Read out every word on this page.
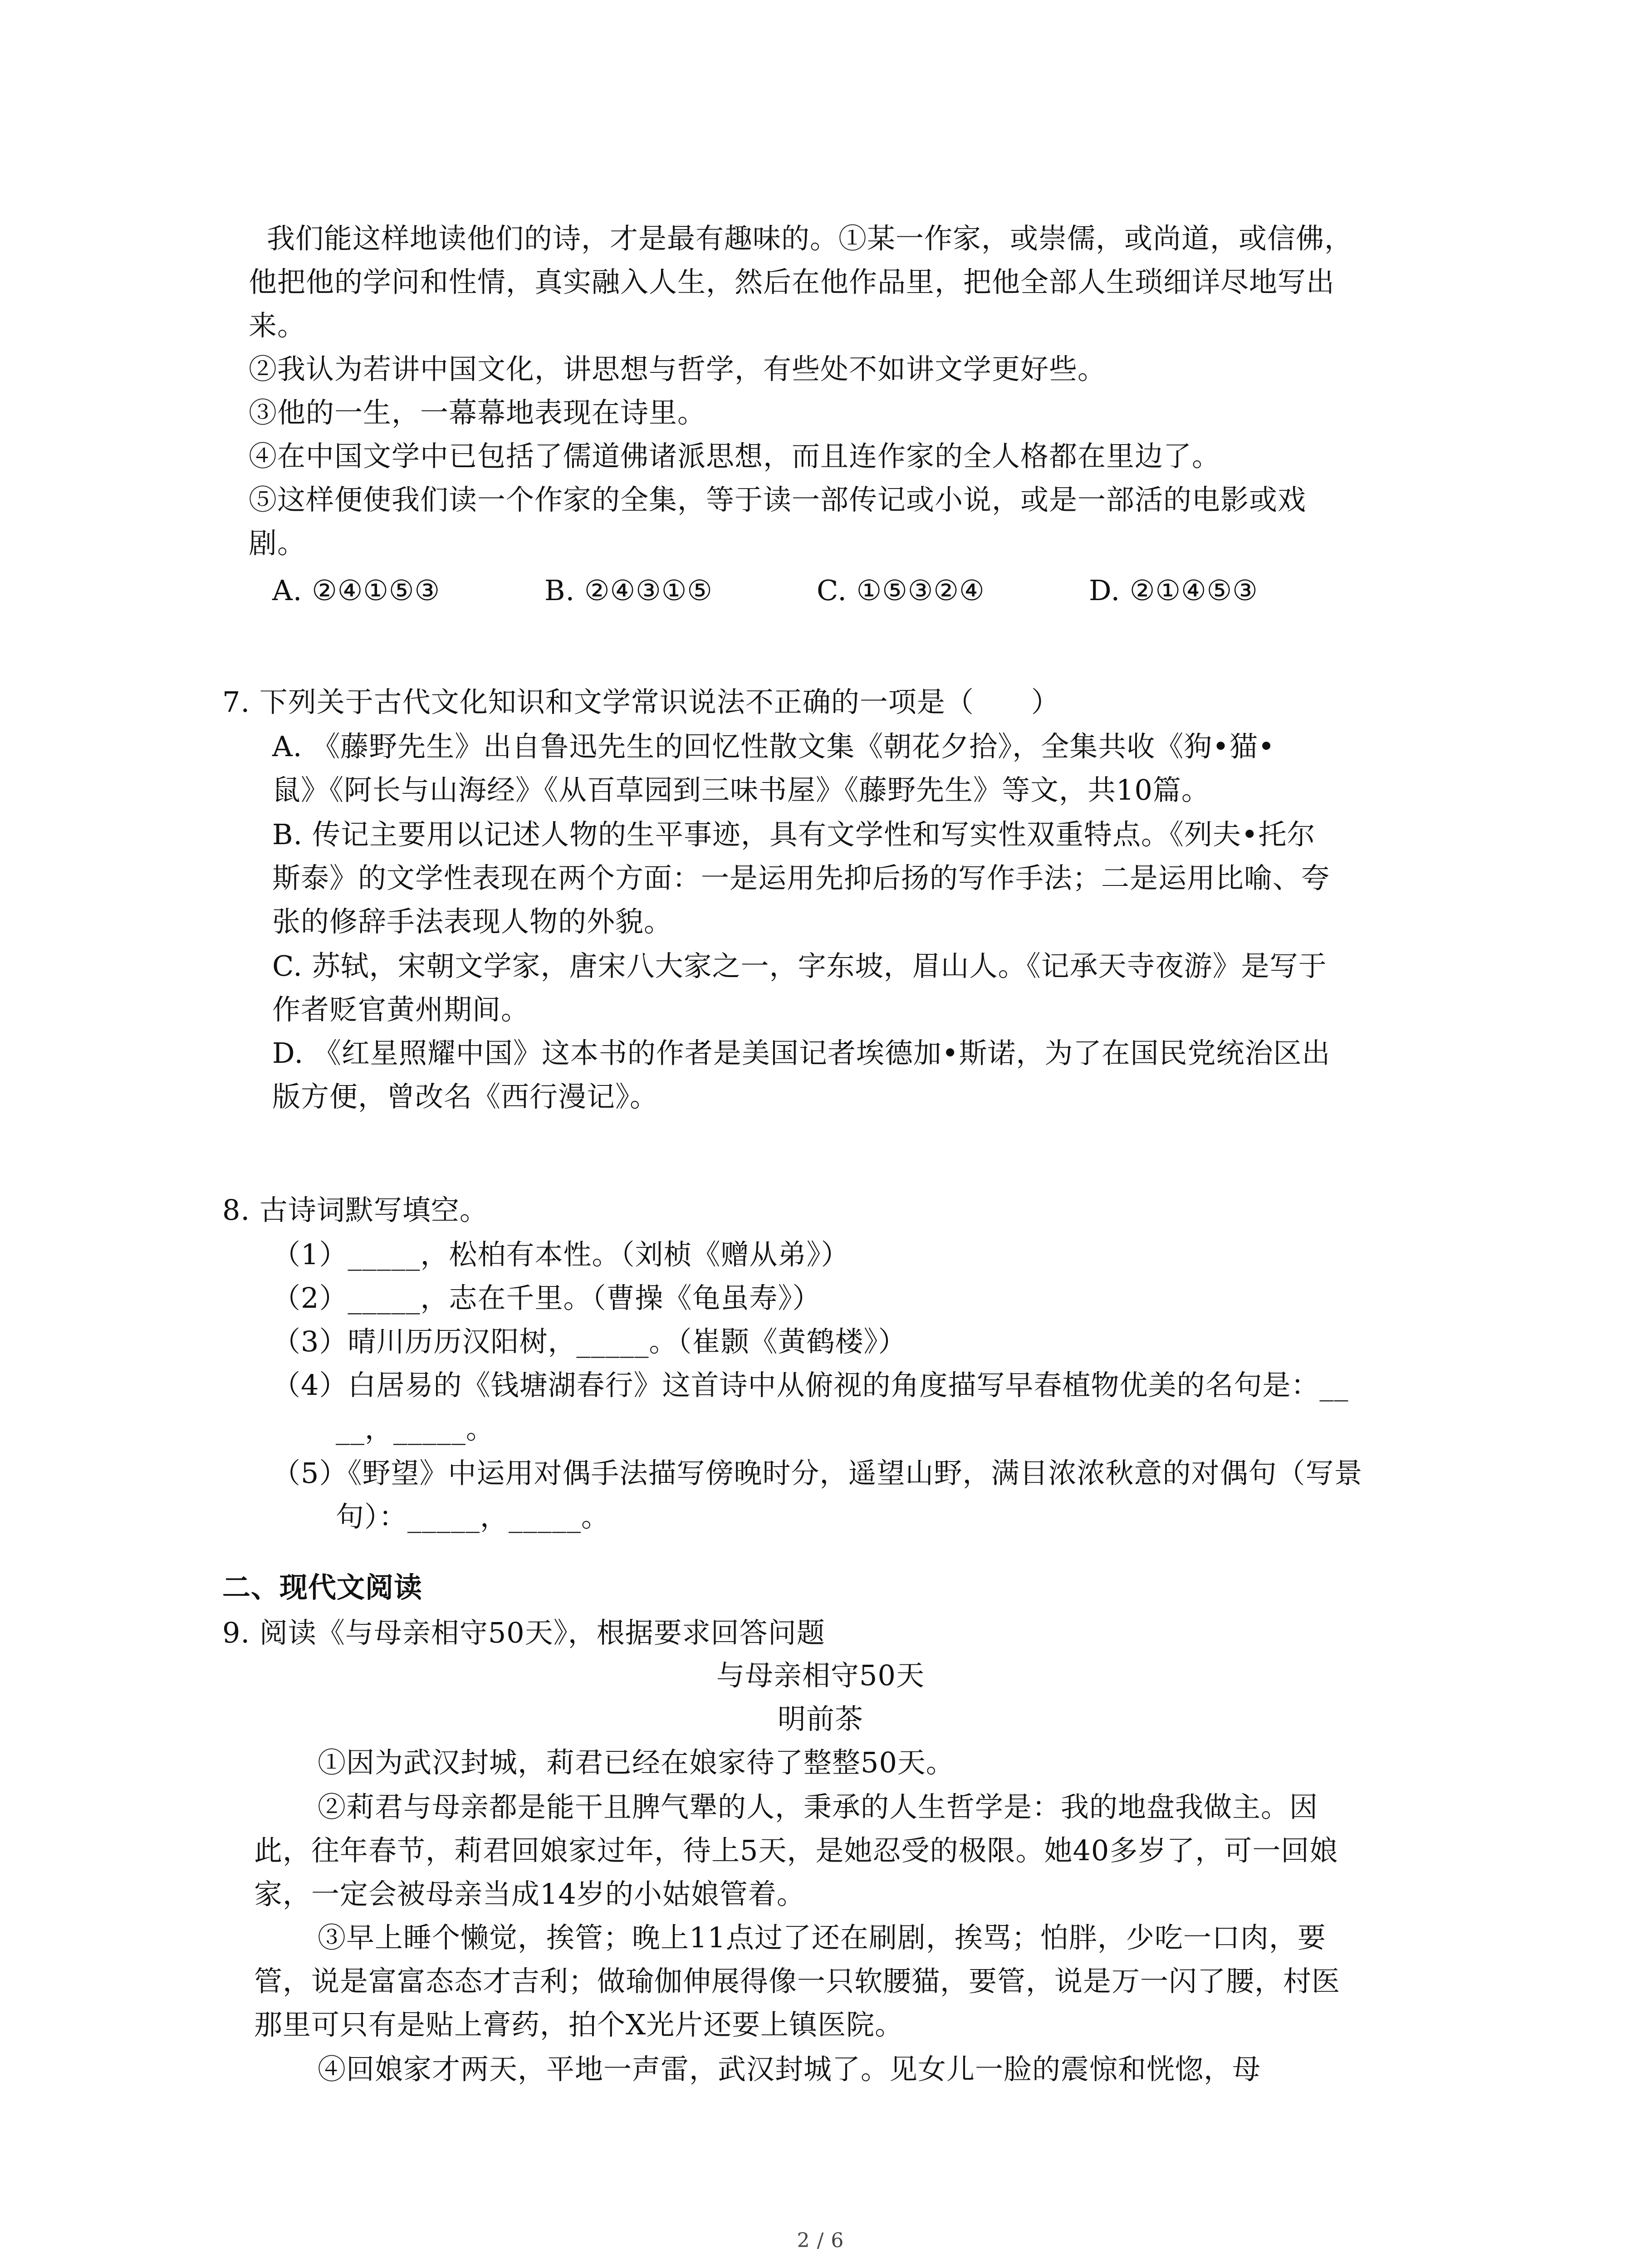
我们能这样地读他们的诗，才是最有趣味的。①某一作家，或崇儒，或尚道，或信佛，
他把他的学问和性情，真实融入人生，然后在他作品里，把他全部人生琐细详尽地写出
来。
②我认为若讲中国文化，讲思想与哲学，有些处不如讲文学更好些。
③他的一生，一幕幕地表现在诗里。
④在中国文学中已包括了儒道佛诸派思想，而且连作家的全人格都在里边了。
⑤这样便使我们读一个作家的全集，等于读一部传记或小说，或是一部活的电影或戏
剧。
A. ②④①⑤③	B. ②④③①⑤	C. ①⑤③②④	D. ②①④⑤③
7. 下列关于古代文化知识和文学常识说法不正确的一项是（　　）
A. 《藤野先生》出自鲁迅先生的回忆性散文集《朝花夕拾》，全集共收《狗•猫•
鼠》《阿长与山海经》《从百草园到三味书屋》《藤野先生》等文，共10篇。
B. 传记主要用以记述人物的生平事迹，具有文学性和写实性双重特点。《列夫•托尔
斯泰》的文学性表现在两个方面：一是运用先抑后扬的写作手法；二是运用比喻、夸
张的修辞手法表现人物的外貌。
C. 苏轼，宋朝文学家，唐宋八大家之一，字东坡，眉山人。《记承天寺夜游》是写于
作者贬官黄州期间。
D. 《红星照耀中国》这本书的作者是美国记者埃德加•斯诺，为了在国民党统治区出
版方便，曾改名《西行漫记》。
8. 古诗词默写填空。
（1）_____，松柏有本性。（刘桢《赠从弟》）
（2）_____，志在千里。（曹操《龟虽寿》）
（3）晴川历历汉阳树，_____。（崔颢《黄鹤楼》）
（4）白居易的《钱塘湖春行》这首诗中从俯视的角度描写早春植物优美的名句是：__
__，_____。
（5）《野望》中运用对偶手法描写傍晚时分，遥望山野，满目浓浓秋意的对偶句（写景
句）：_____，_____。
二、现代文阅读
9. 阅读《与母亲相守50天》，根据要求回答问题
与母亲相守50天
明前茶
①因为武汉封城，莉君已经在娘家待了整整50天。
②莉君与母亲都是能干且脾气犟的人，秉承的人生哲学是：我的地盘我做主。因
此，往年春节，莉君回娘家过年，待上5天，是她忍受的极限。她40多岁了，可一回娘
家，一定会被母亲当成14岁的小姑娘管着。
③早上睡个懒觉，挨管；晚上11点过了还在刷剧，挨骂；怕胖，少吃一口肉，要
管，说是富富态态才吉利；做瑜伽伸展得像一只软腰猫，要管，说是万一闪了腰，村医
那里可只有是贴上膏药，拍个X光片还要上镇医院。
④回娘家才两天，平地一声雷，武汉封城了。见女儿一脸的震惊和恍惚，母
2 / 6
